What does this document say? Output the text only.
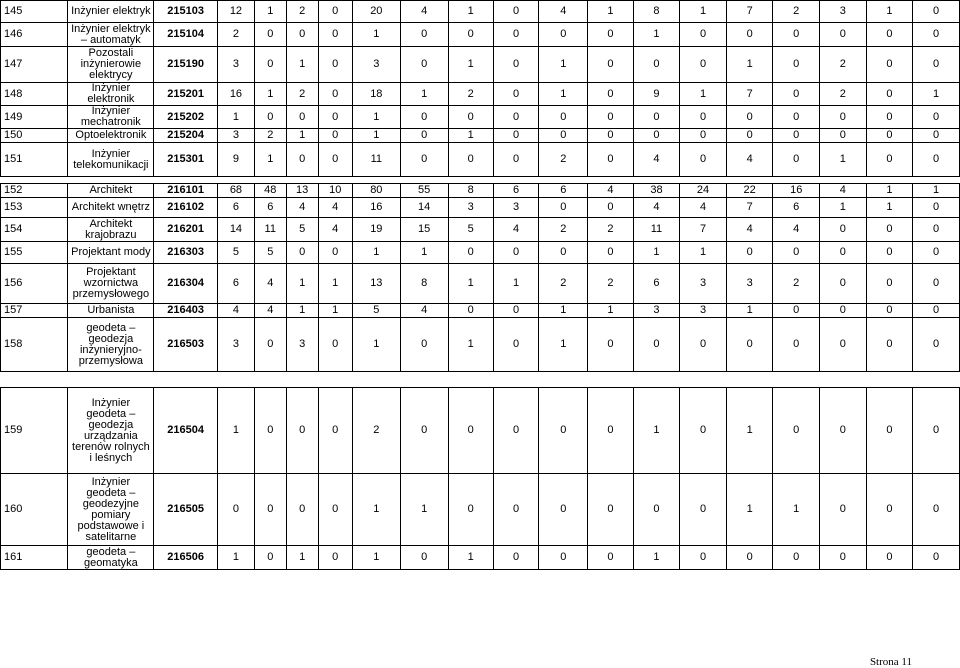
145	Inżynier elektryk	215103	12	1	2	0	20	4	1	0	4	1	8	1	7	2	3	1	0
146	Inżynier elektryk – automatyk	215104	2	0	0	0	1	0	0	0	0	0	1	0	0	0	0	0	0
147	Pozostali inżynierowie elektrycy	215190	3	0	1	0	3	0	1	0	1	0	0	0	1	0	2	0	0
148	Inżynier elektronik	215201	16	1	2	0	18	1	2	0	1	0	9	1	7	0	2	0	1
149	Inżynier mechatronik	215202	1	0	0	0	1	0	0	0	0	0	0	0	0	0	0	0	0
150	Optoelektronik	215204	3	2	1	0	1	0	1	0	0	0	0	0	0	0	0	0	0
151	Inżynier telekomunikacji	215301	9	1	0	0	11	0	0	0	2	0	4	0	4	0	1	0	0

152	Architekt	216101	68	48	13	10	80	55	8	6	6	4	38	24	22	16	4	1	1
153	Architekt wnętrz	216102	6	6	4	4	16	14	3	3	0	0	4	4	7	6	1	1	0
154	Architekt krajobrazu	216201	14	11	5	4	19	15	5	4	2	2	11	7	4	4	0	0	0
155	Projektant mody	216303	5	5	0	0	1	1	0	0	0	0	1	1	0	0	0	0	0
156	Projektant wzornictwa przemysłowego	216304	6	4	1	1	13	8	1	1	2	2	6	3	3	2	0	0	0
157	Urbanista	216403	4	4	1	1	5	4	0	0	1	1	3	3	1	0	0	0	0
158	geodeta – geodezja inżynieryjno-przemysłowa	216503	3	0	3	0	1	0	1	0	1	0	0	0	0	0	0	0	0

159	Inżynier geodeta – geodezja urządzania terenów rolnych i leśnych	216504	1	0	0	0	2	0	0	0	0	0	1	0	1	0	0	0	0
160	Inżynier geodeta – geodezyjne pomiary podstawowe i satelitarne	216505	0	0	0	0	1	1	0	0	0	0	0	0	1	1	0	0	0
161	geodeta – geomatyka	216506	1	0	1	0	1	0	1	0	0	0	1	0	0	0	0	0	0
Strona 11
